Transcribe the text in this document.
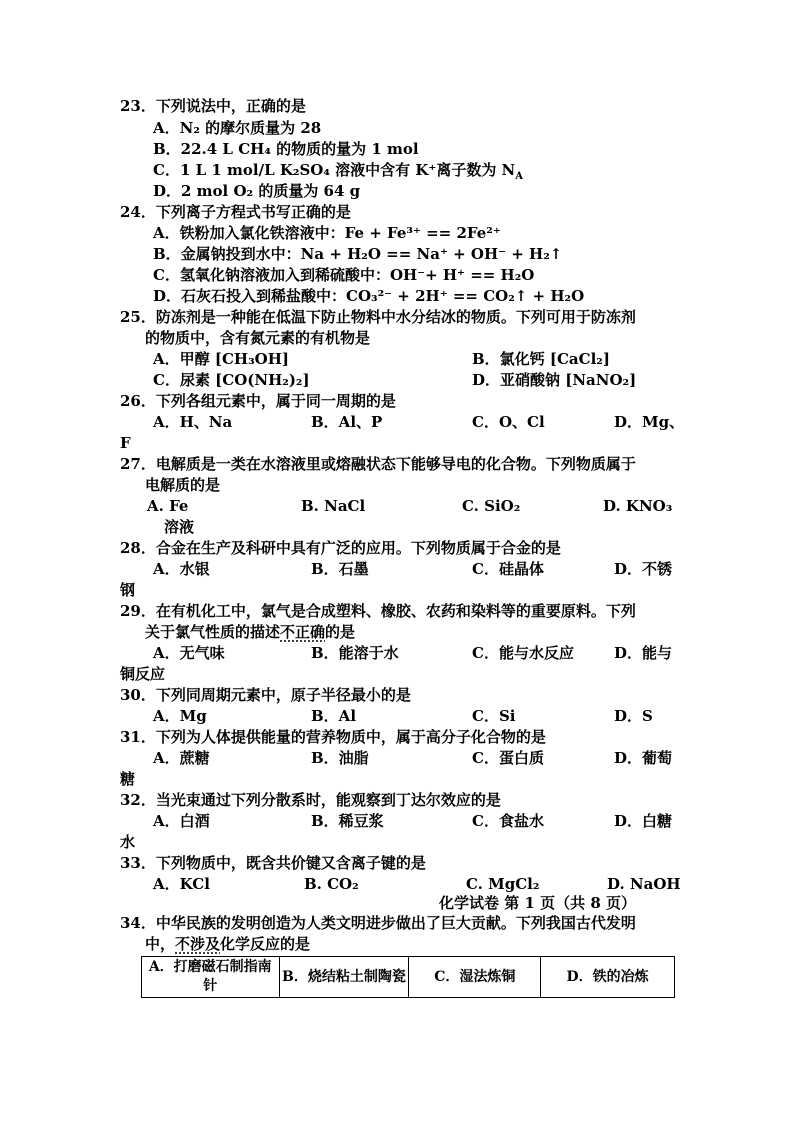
23．下列说法中，正确的是
A．N₂ 的摩尔质量为 28
B．22.4 L CH₄ 的物质的量为 1 mol
C．1 L 1 mol/L K₂SO₄ 溶液中含有 K⁺离子数为 $N_A$
D．2 mol O₂ 的质量为 64 g
24．下列离子方程式书写正确的是
A．铁粉加入氯化铁溶液中：Fe + Fe³⁺ == 2Fe²⁺
B．金属钠投到水中：Na + H₂O == Na⁺ + OH⁻ + H₂↑
C．氢氧化钠溶液加入到稀硫酸中：OH⁻+ H⁺ == H₂O
D．石灰石投入到稀盐酸中：CO₃²⁻ + 2H⁺ == CO₂↑ + H₂O
25．防冻剂是一种能在低温下防止物料中水分结冰的物质。下列可用于防冻剂
的物质中，含有氮元素的有机物是
A．甲醇 [CH₃OH]	B．氯化钙 [CaCl₂]
C．尿素 [CO(NH₂)₂]	D．亚硝酸钠 [NaNO₂]
26．下列各组元素中，属于同一周期的是
A．H、Na	B．Al、P	C．O、Cl	D．Mg、
F
27．电解质是一类在水溶液里或熔融状态下能够导电的化合物。下列物质属于
电解质的是
A. Fe	B. NaCl	C. SiO₂	D. KNO₃
溶液
28．合金在生产及科研中具有广泛的应用。下列物质属于合金的是
A．水银	B．石墨	C．硅晶体	D．不锈
钢
29．在有机化工中，氯气是合成塑料、橡胶、农药和染料等的重要原料。下列
关于氯气性质的描述不正确的是
A．无气味	B．能溶于水	C．能与水反应	D．能与
铜反应
30．下列同周期元素中，原子半径最小的是
A．Mg	B．Al	C．Si	D．S
31．下列为人体提供能量的营养物质中，属于高分子化合物的是
A．蔗糖	B．油脂	C．蛋白质	D．葡萄
糖
32．当光束通过下列分散系时，能观察到丁达尔效应的是
A．白酒	B．稀豆浆	C．食盐水	D．白糖
水
33．下列物质中，既含共价键又含离子键的是
A．KCl	B. CO₂	C. MgCl₂	D. NaOH
化学试卷 第 1 页（共 8 页）
34．中华民族的发明创造为人类文明进步做出了巨大贡献。下列我国古代发明
中，不涉及化学反应的是
A．打磨磁石制指南针	B．烧结粘土制陶瓷	C．湿法炼铜	D．铁的冶炼
